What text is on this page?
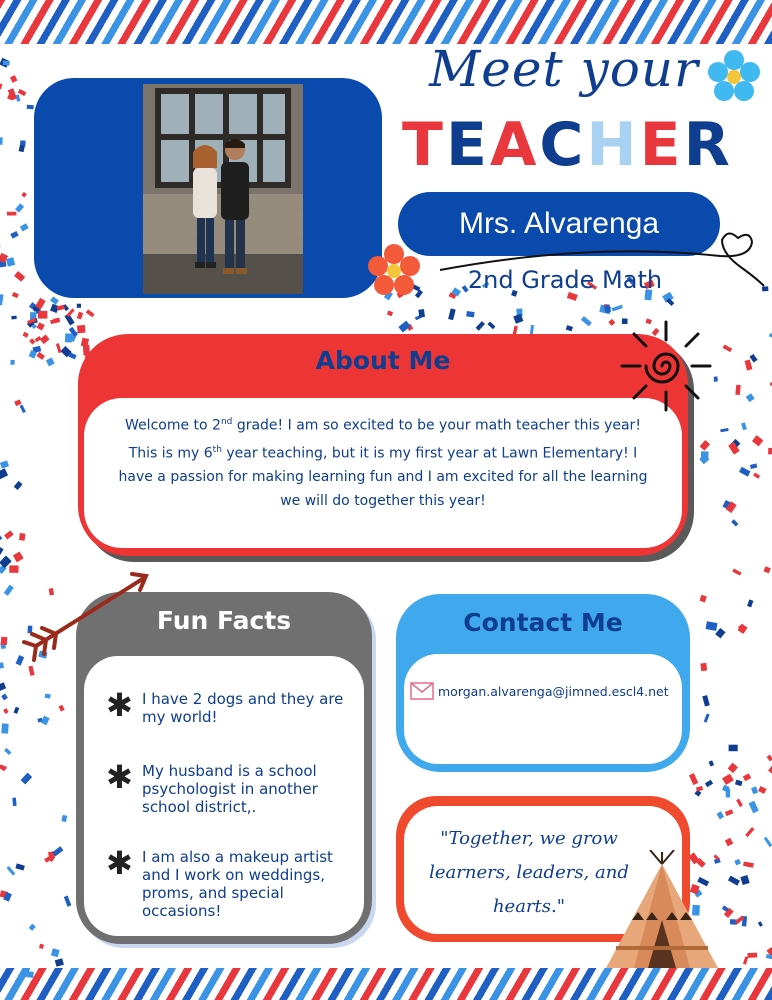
Meet your
TEACHER
Mrs. Alvarenga
2nd Grade Math
About Me

Welcome to 2nd grade! I am so excited to be your math teacher this year! This is my 6th year teaching, but it is my first year at Lawn Elementary! I have a passion for making learning fun and I am excited for all the learning we will do together this year!

Fun Facts
✱ I have 2 dogs and they are my world!
✱ My husband is a school psychologist in another school district,.
✱ I am also a makeup artist and I work on weddings, proms, and special occasions!
Contact Me
morgan.alvarenga@jimned.escl4.net

"Together, we grow learners, leaders, and hearts."
